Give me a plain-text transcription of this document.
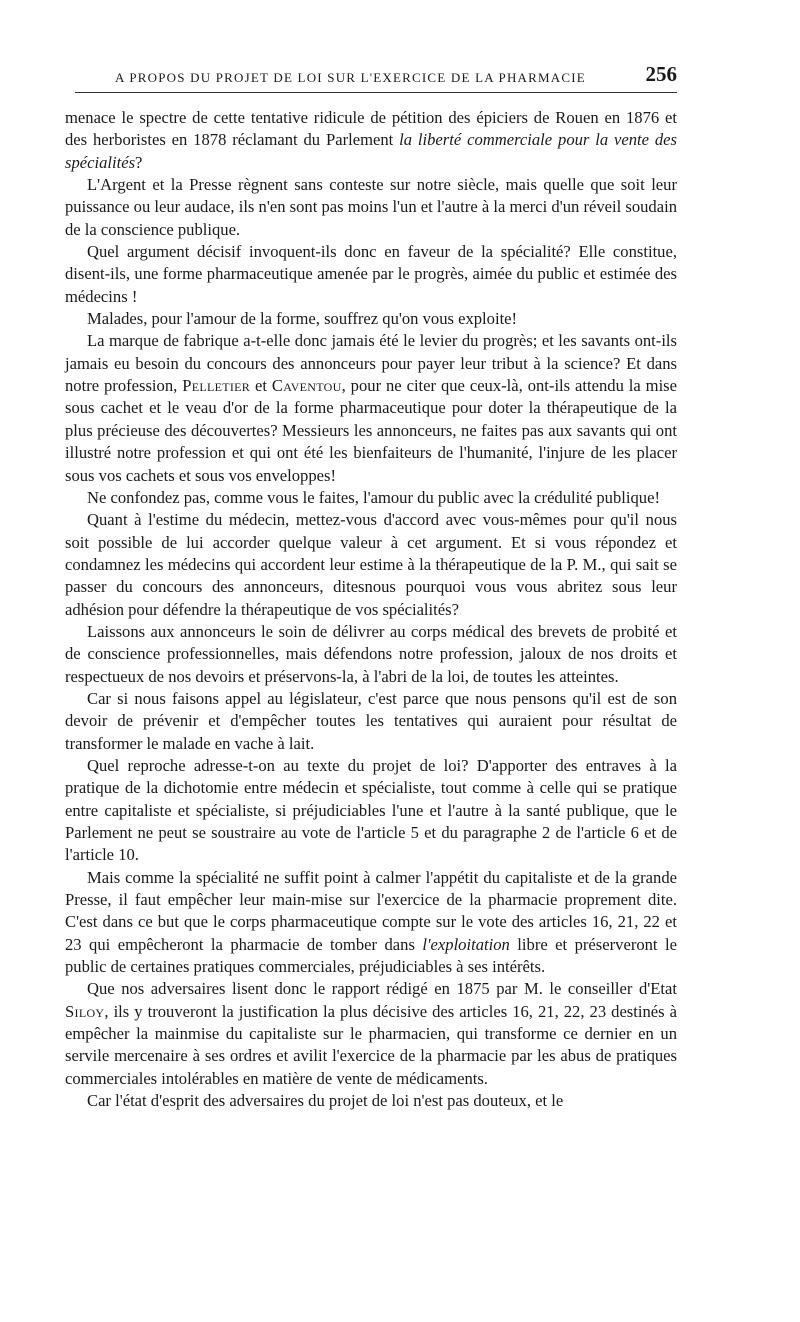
A PROPOS DU PROJET DE LOI SUR L'EXERCICE DE LA PHARMACIE	256

menace le spectre de cette tentative ridicule de pétition des épiciers de Rouen en 1876 et des herboristes en 1878 réclamant du Parlement la liberté commerciale pour la vente des spécialités?

L'Argent et la Presse règnent sans conteste sur notre siècle, mais quelle que soit leur puissance ou leur audace, ils n'en sont pas moins l'un et l'autre à la merci d'un réveil soudain de la conscience publique.

Quel argument décisif invoquent-ils donc en faveur de la spécialité? Elle constitue, disent-ils, une forme pharmaceutique amenée par le progrès, aimée du public et estimée des médecins !

Malades, pour l'amour de la forme, souffrez qu'on vous exploite!

La marque de fabrique a-t-elle donc jamais été le levier du progrès; et les savants ont-ils jamais eu besoin du concours des annonceurs pour payer leur tribut à la science? Et dans notre profession, Pelletier et Caventou, pour ne citer que ceux-là, ont-ils attendu la mise sous cachet et le veau d'or de la forme pharmaceutique pour doter la thérapeutique de la plus précieuse des découvertes? Messieurs les annonceurs, ne faites pas aux savants qui ont illustré notre profession et qui ont été les bienfaiteurs de l'humanité, l'injure de les placer sous vos cachets et sous vos enveloppes!

Ne confondez pas, comme vous le faites, l'amour du public avec la crédulité publique!

Quant à l'estime du médecin, mettez-vous d'accord avec vous-mêmes pour qu'il nous soit possible de lui accorder quelque valeur à cet argument. Et si vous répondez et condamnez les médecins qui accordent leur estime à la thérapeutique de la P. M., qui sait se passer du concours des annonceurs, ditesnous pourquoi vous vous abritez sous leur adhésion pour défendre la thérapeutique de vos spécialités?

Laissons aux annonceurs le soin de délivrer au corps médical des brevets de probité et de conscience professionnelles, mais défendons notre profession, jaloux de nos droits et respectueux de nos devoirs et préservons-la, à l'abri de la loi, de toutes les atteintes.

Car si nous faisons appel au législateur, c'est parce que nous pensons qu'il est de son devoir de prévenir et d'empêcher toutes les tentatives qui auraient pour résultat de transformer le malade en vache à lait.

Quel reproche adresse-t-on au texte du projet de loi? D'apporter des entraves à la pratique de la dichotomie entre médecin et spécialiste, tout comme à celle qui se pratique entre capitaliste et spécialiste, si préjudiciables l'une et l'autre à la santé publique, que le Parlement ne peut se soustraire au vote de l'article 5 et du paragraphe 2 de l'article 6 et de l'article 10.

Mais comme la spécialité ne suffit point à calmer l'appétit du capitaliste et de la grande Presse, il faut empêcher leur main-mise sur l'exercice de la pharmacie proprement dite. C'est dans ce but que le corps pharmaceutique compte sur le vote des articles 16, 21, 22 et 23 qui empêcheront la pharmacie de tomber dans l'exploitation libre et préserveront le public de certaines pratiques commerciales, préjudiciables à ses intérêts.

Que nos adversaires lisent donc le rapport rédigé en 1875 par M. le conseiller d'Etat Siloy, ils y trouveront la justification la plus décisive des articles 16, 21, 22, 23 destinés à empêcher la mainmise du capitaliste sur le pharmacien, qui transforme ce dernier en un servile mercenaire à ses ordres et avilit l'exercice de la pharmacie par les abus de pratiques commerciales intolérables en matière de vente de médicaments.

Car l'état d'esprit des adversaires du projet de loi n'est pas douteux, et le
